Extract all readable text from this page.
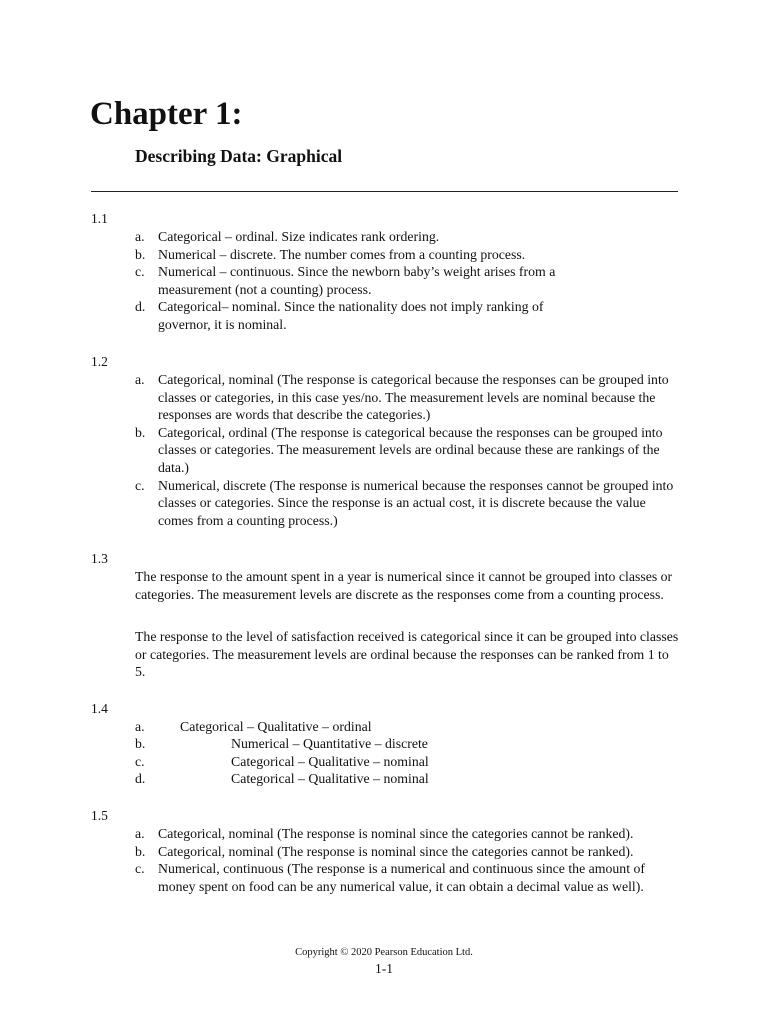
Chapter 1:
Describing Data: Graphical
1.1
a. Categorical – ordinal. Size indicates rank ordering.
b. Numerical – discrete. The number comes from a counting process.
c. Numerical – continuous. Since the newborn baby’s weight arises from a measurement (not a counting) process.
d. Categorical– nominal. Since the nationality does not imply ranking of governor, it is nominal.
1.2
a. Categorical, nominal (The response is categorical because the responses can be grouped into classes or categories, in this case yes/no. The measurement levels are nominal because the responses are words that describe the categories.)
b. Categorical, ordinal (The response is categorical because the responses can be grouped into classes or categories. The measurement levels are ordinal because these are rankings of the data.)
c. Numerical, discrete (The response is numerical because the responses cannot be grouped into classes or categories. Since the response is an actual cost, it is discrete because the value comes from a counting process.)
1.3
The response to the amount spent in a year is numerical since it cannot be grouped into classes or categories. The measurement levels are discrete as the responses come from a counting process.
The response to the level of satisfaction received is categorical since it can be grouped into classes or categories. The measurement levels are ordinal because the responses can be ranked from 1 to 5.
1.4
a.	Categorical – Qualitative – ordinal
b.	Numerical – Quantitative – discrete
c.	Categorical – Qualitative – nominal
d.	Categorical – Qualitative – nominal
1.5
a. Categorical, nominal (The response is nominal since the categories cannot be ranked).
b. Categorical, nominal (The response is nominal since the categories cannot be ranked).
c. Numerical, continuous (The response is a numerical and continuous since the amount of money spent on food can be any numerical value, it can obtain a decimal value as well).
Copyright © 2020 Pearson Education Ltd.
1-1
